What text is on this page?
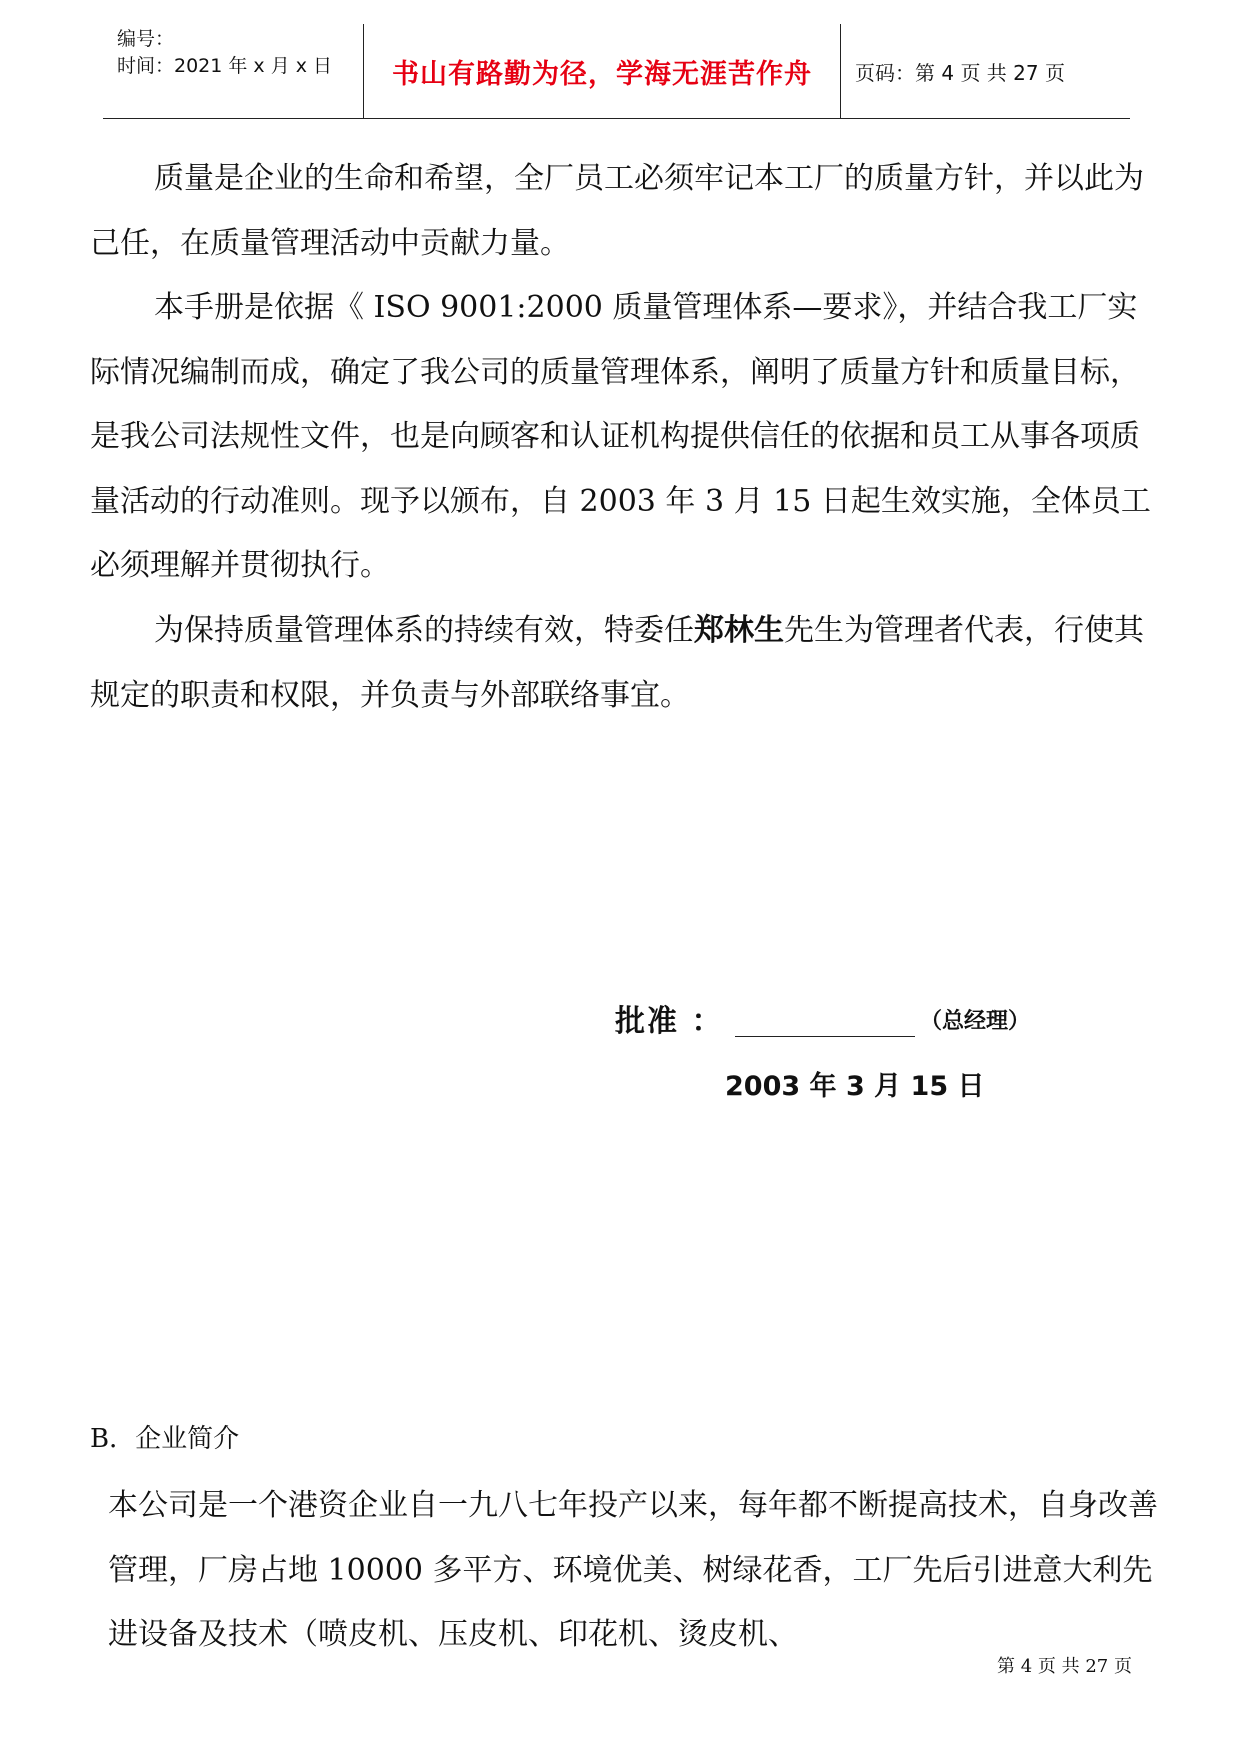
编号：
时间：2021 年 x 月 x 日	书山有路勤为径，学海无涯苦作舟 页码：第 4 页 共 27 页

质量是企业的生命和希望，全厂员工必须牢记本工厂的质量方针，并以此为己任，在质量管理活动中贡献力量。

本手册是依据《 ISO 9001:2000 质量管理体系—要求》，并结合我工厂实际情况编制而成，确定了我公司的质量管理体系，阐明了质量方针和质量目标，是我公司法规性文件，也是向顾客和认证机构提供信任的依据和员工从事各项质量活动的行动准则。现予以颁布，自 2003 年 3 月 15 日起生效实施，全体员工必须理解并贯彻执行。

为保持质量管理体系的持续有效，特委任郑林生先生为管理者代表，行使其规定的职责和权限，并负责与外部联络事宜。

批准 ：	（总经理）
2003 年 3 月 15 日
B．企业简介

本公司是一个港资企业自一九八七年投产以来，每年都不断提高技术，自身改善管理，厂房占地 10000 多平方、环境优美、树绿花香，工厂先后引进意大利先进设备及技术（喷皮机、压皮机、印花机、烫皮机、

第 4 页 共 27 页
